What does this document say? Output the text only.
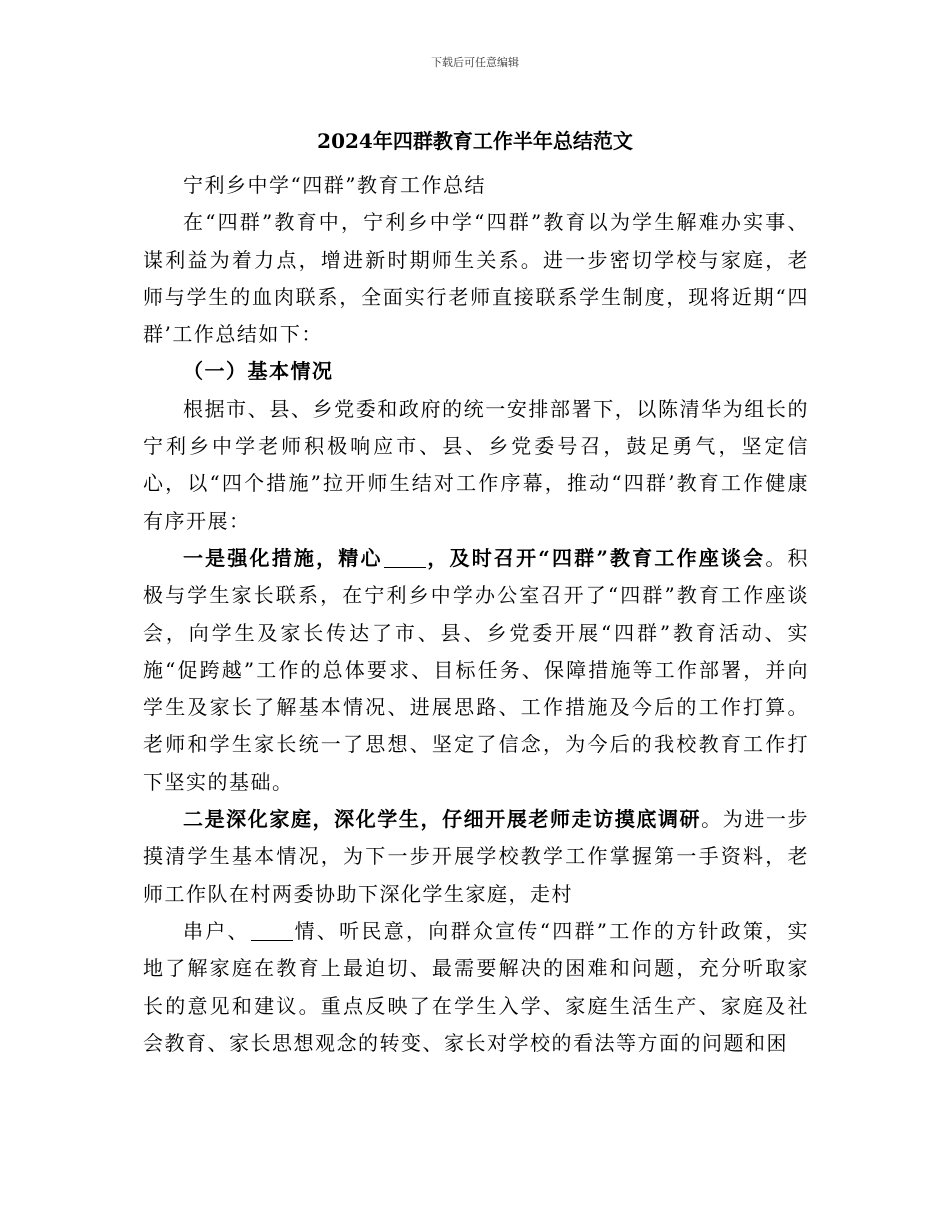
下载后可任意编辑
2024年四群教育工作半年总结范文

宁利乡中学“四群”教育工作总结

在“四群”教育中，宁利乡中学“四群”教育以为学生解难办实事、谋利益为着力点，增进新时期师生关系。进一步密切学校与家庭，老师与学生的血肉联系，全面实行老师直接联系学生制度，现将近期“四群’工作总结如下：

（一）基本情况

根据市、县、乡党委和政府的统一安排部署下，以陈清华为组长的宁利乡中学老师积极响应市、县、乡党委号召，鼓足勇气，坚定信心，以“四个措施”拉开师生结对工作序幕，推动“四群’教育工作健康有序开展：

一是强化措施，精心 ，及时召开“四群”教育工作座谈会。积极与学生家长联系，在宁利乡中学办公室召开了“四群”教育工作座谈会，向学生及家长传达了市、县、乡党委开展“四群”教育活动、实施“促跨越”工作的总体要求、目标任务、保障措施等工作部署，并向学生及家长了解基本情况、进展思路、工作措施及今后的工作打算。老师和学生家长统一了思想、坚定了信念，为今后的我校教育工作打下坚实的基础。

二是深化家庭，深化学生，仔细开展老师走访摸底调研。为进一步摸清学生基本情况，为下一步开展学校教学工作掌握第一手资料，老师工作队在村两委协助下深化学生家庭，走村

串户、 情、听民意，向群众宣传“四群”工作的方针政策，实地了解家庭在教育上最迫切、最需要解决的困难和问题，充分听取家长的意见和建议。重点反映了在学生入学、家庭生活生产、家庭及社会教育、家长思想观念的转变、家长对学校的看法等方面的问题和困
